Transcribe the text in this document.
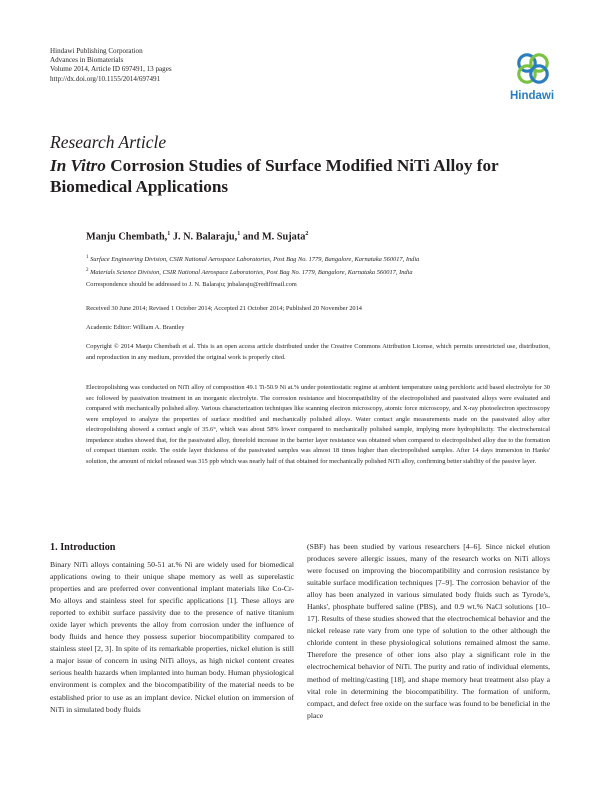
Hindawi Publishing Corporation
Advances in Biomaterials
Volume 2014, Article ID 697491, 13 pages
http://dx.doi.org/10.1155/2014/697491
Hindawi
Research Article
In Vitro Corrosion Studies of Surface Modified NiTi Alloy for Biomedical Applications
Manju Chembath,$^1$ J. N. Balaraju,$^1$ and M. Sujata$^2$
$^1$ Surface Engineering Division, CSIR National Aerospace Laboratories, Post Bag No. 1779, Bangalore, Karnataka 560017, India
$^2$ Materials Science Division, CSIR National Aerospace Laboratories, Post Bag No. 1779, Bangalore, Karnataka 560017, India
Correspondence should be addressed to J. N. Balaraju; jnbalaraju@rediffmail.com
Received 30 June 2014; Revised 1 October 2014; Accepted 21 October 2014; Published 20 November 2014
Academic Editor: William A. Brantley
Copyright © 2014 Manju Chembath et al. This is an open access article distributed under the Creative Commons Attribution License, which permits unrestricted use, distribution, and reproduction in any medium, provided the original work is properly cited.
Electropolishing was conducted on NiTi alloy of composition 49.1 Ti-50.9 Ni at.% under potentiostatic regime at ambient temperature using perchloric acid based electrolyte for 30 sec followed by passivation treatment in an inorganic electrolyte. The corrosion resistance and biocompatibility of the electropolished and passivated alloys were evaluated and compared with mechanically polished alloy. Various characterization techniques like scanning electron microscopy, atomic force microscopy, and X-ray photoelectron spectroscopy were employed to analyze the properties of surface modified and mechanically polished alloys. Water contact angle measurements made on the passivated alloy after electropolishing showed a contact angle of 35.6°, which was about 58% lower compared to mechanically polished sample, implying more hydrophilicity. The electrochemical impedance studies showed that, for the passivated alloy, threefold increase in the barrier layer resistance was obtained when compared to electropolished alloy due to the formation of compact titanium oxide. The oxide layer thickness of the passivated samples was almost 18 times higher than electropolished samples. After 14 days immersion in Hanks' solution, the amount of nickel released was 315 ppb which was nearly half of that obtained for mechanically polished NiTi alloy, confirming better stability of the passive layer.
1. Introduction
Binary NiTi alloys containing 50-51 at.% Ni are widely used for biomedical applications owing to their unique shape memory as well as superelastic properties and are preferred over conventional implant materials like Co-Cr-Mo alloys and stainless steel for specific applications [1]. These alloys are reported to exhibit surface passivity due to the presence of native titanium oxide layer which prevents the alloy from corrosion under the influence of body fluids and hence they possess superior biocompatibility compared to stainless steel [2, 3]. In spite of its remarkable properties, nickel elution is still a major issue of concern in using NiTi alloys, as high nickel content creates serious health hazards when implanted into human body. Human physiological environment is complex and the biocompatibility of the material needs to be established prior to use as an implant device. Nickel elution on immersion of NiTi in simulated body fluids
(SBF) has been studied by various researchers [4–6]. Since nickel elution produces severe allergic issues, many of the research works on NiTi alloys were focused on improving the biocompatibility and corrosion resistance by suitable surface modification techniques [7–9]. The corrosion behavior of the alloy has been analyzed in various simulated body fluids such as Tyrode's, Hanks', phosphate buffered saline (PBS), and 0.9 wt.% NaCl solutions [10–17]. Results of these studies showed that the electrochemical behavior and the nickel release rate vary from one type of solution to the other although the chloride content in these physiological solutions remained almost the same. Therefore the presence of other ions also play a significant role in the electrochemical behavior of NiTi. The purity and ratio of individual elements, method of melting/casting [18], and shape memory heat treatment also play a vital role in determining the biocompatibility. The formation of uniform, compact, and defect free oxide on the surface was found to be beneficial in the place
